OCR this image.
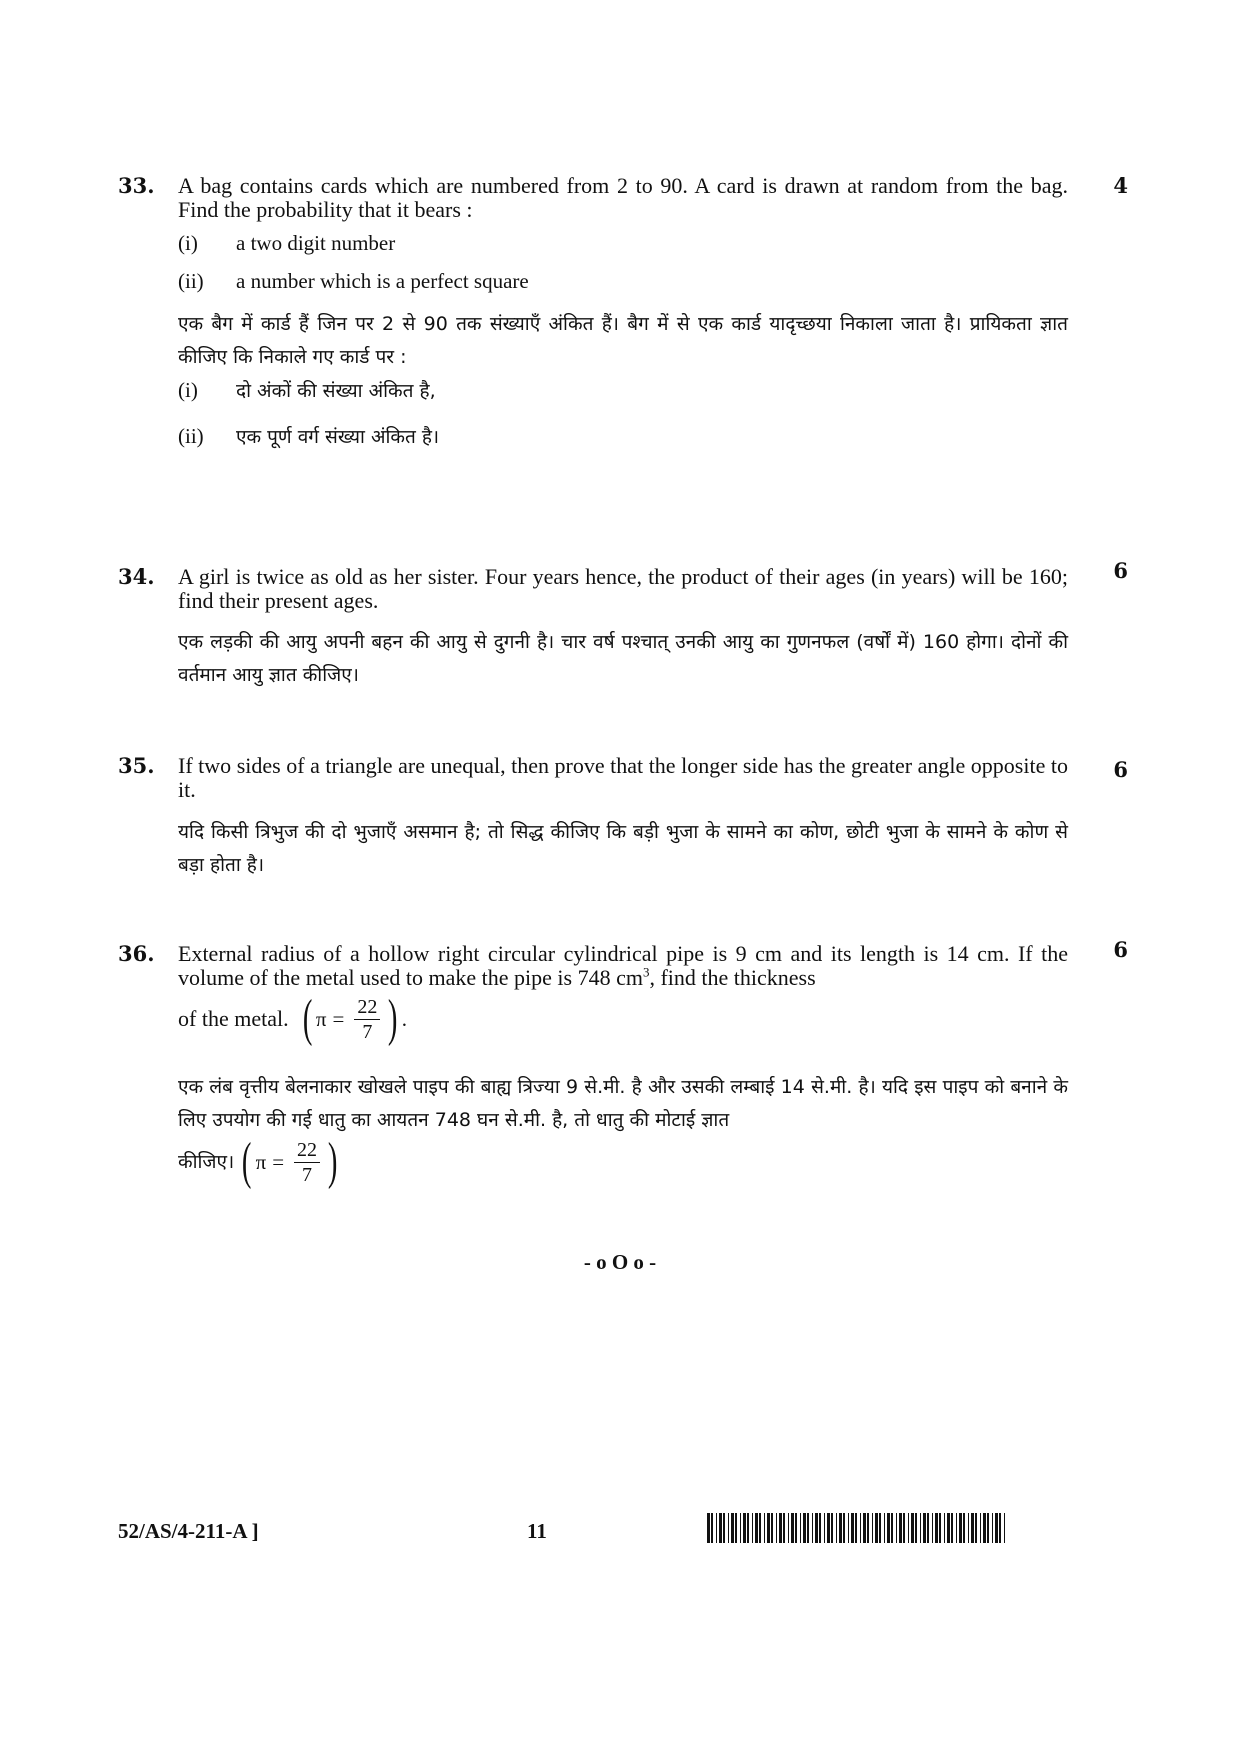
33.	4
A bag contains cards which are numbered from 2 to 90. A card is drawn at random from the bag. Find the probability that it bears :
(i) a two digit number
(ii) a number which is a perfect square
एक बैग में कार्ड हैं जिन पर 2 से 90 तक संख्याएँ अंकित हैं। बैग में से एक कार्ड यादृच्छया निकाला जाता है। प्रायिकता ज्ञात कीजिए कि निकाले गए कार्ड पर :
(i) दो अंकों की संख्या अंकित है,
(ii) एक पूर्ण वर्ग संख्या अंकित है।
34.	6
A girl is twice as old as her sister. Four years hence, the product of their ages (in years) will be 160; find their present ages.
एक लड़की की आयु अपनी बहन की आयु से दुगनी है। चार वर्ष पश्चात् उनकी आयु का गुणनफल (वर्षों में) 160 होगा। दोनों की वर्तमान आयु ज्ञात कीजिए।
35.	6
If two sides of a triangle are unequal, then prove that the longer side has the greater angle opposite to it.
यदि किसी त्रिभुज की दो भुजाएँ असमान है; तो सिद्ध कीजिए कि बड़ी भुजा के सामने का कोण, छोटी भुजा के सामने के कोण से बड़ा होता है।
36.	6
External radius of a hollow right circular cylindrical pipe is 9 cm and its length is 14 cm. If the volume of the metal used to make the pipe is 748 $cm^3$, find the thickness
of the metal. ( $\pi = \frac{22}{7}$ ) .
एक लंब वृत्तीय बेलनाकार खोखले पाइप की बाह्य त्रिज्या 9 से.मी. है और उसकी लम्बाई 14 से.मी. है। यदि इस पाइप को बनाने के लिए उपयोग की गई धातु का आयतन 748 घन से.मी. है, तो धातु की मोटाई ज्ञात
कीजिए। ( $\pi = \frac{22}{7}$ )
- o O o -
52/AS/4-211-A ]	11
